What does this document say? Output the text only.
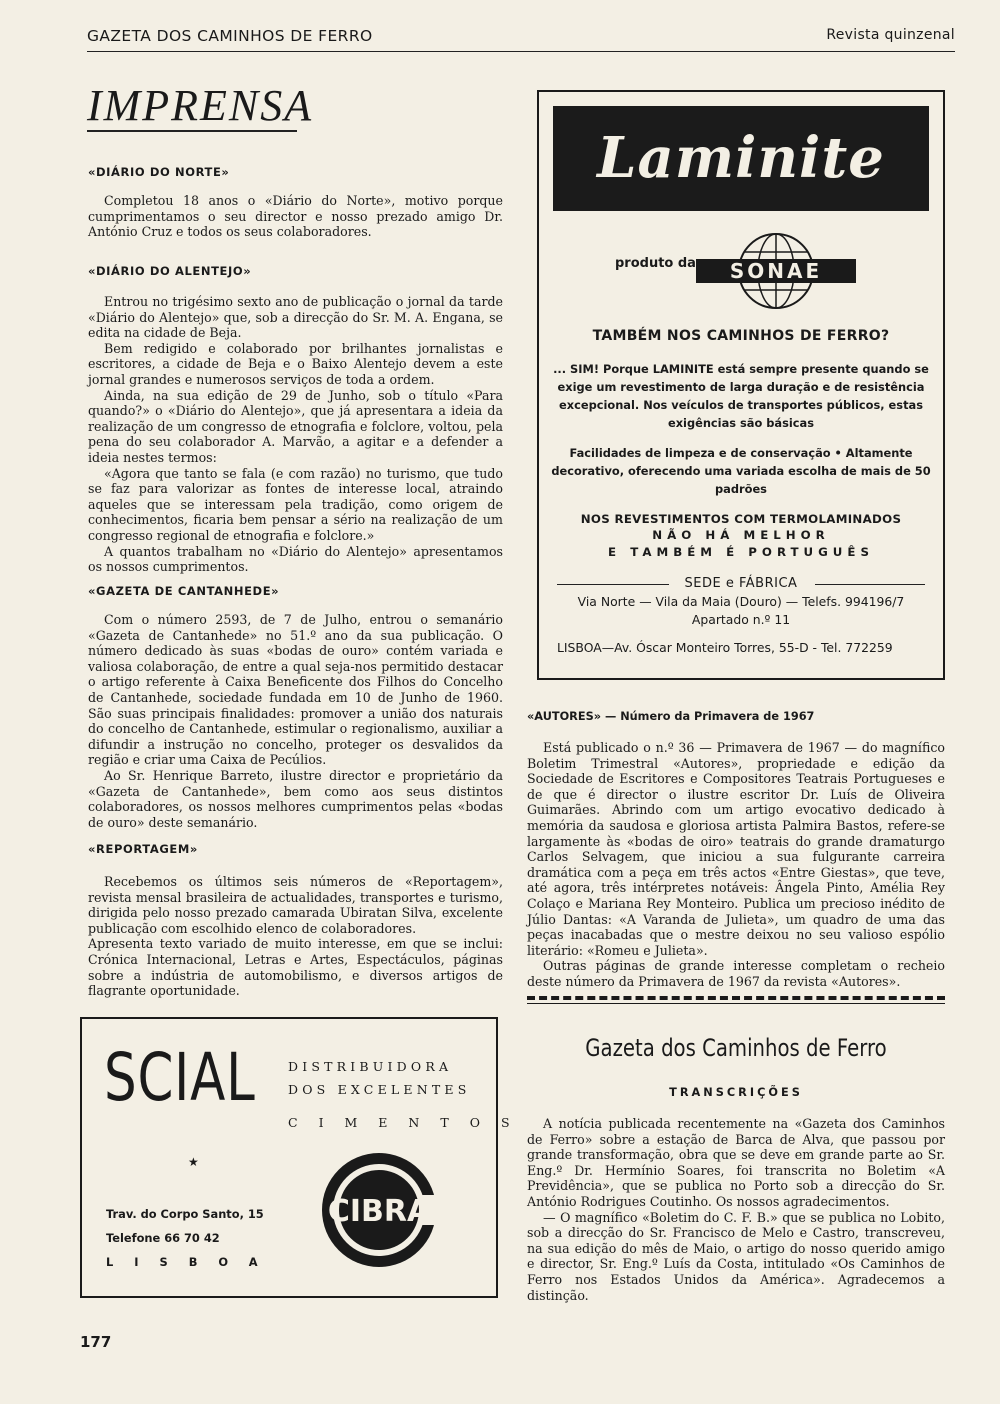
GAZETA DOS CAMINHOS DE FERRO	Revista quinzenal
IMPRENSA
«DIÁRIO DO NORTE»

Completou 18 anos o «Diário do Norte», motivo porque cumprimentamos o seu director e nosso prezado amigo Dr. António Cruz e todos os seus colaboradores.

«DIÁRIO DO ALENTEJO»

Entrou no trigésimo sexto ano de publicação o jornal da tarde «Diário do Alentejo» que, sob a direcção do Sr. M. A. Engana, se edita na cidade de Beja.

Bem redigido e colaborado por brilhantes jornalistas e escritores, a cidade de Beja e o Baixo Alentejo devem a este jornal grandes e numerosos serviços de toda a ordem.

Ainda, na sua edição de 29 de Junho, sob o título «Para quando?» o «Diário do Alentejo», que já apresentara a ideia da realização de um congresso de etnografia e folclore, voltou, pela pena do seu colaborador A. Marvão, a agitar e a defender a ideia nestes termos:

«Agora que tanto se fala (e com razão) no turismo, que tudo se faz para valorizar as fontes de interesse local, atraindo aqueles que se interessam pela tradição, como origem de conhecimentos, ficaria bem pensar a sério na realização de um congresso regional de etnografia e folclore.»

A quantos trabalham no «Diário do Alentejo» apresentamos os nossos cumprimentos.

«GAZETA DE CANTANHEDE»

Com o número 2593, de 7 de Julho, entrou o semanário «Gazeta de Cantanhede» no 51.º ano da sua publicação. O número dedicado às suas «bodas de ouro» contém variada e valiosa colaboração, de entre a qual seja-nos permitido destacar o artigo referente à Caixa Beneficente dos Filhos do Concelho de Cantanhede, sociedade fundada em 10 de Junho de 1960. São suas principais finalidades: promover a união dos naturais do concelho de Cantanhede, estimular o regionalismo, auxiliar a difundir a instrução no concelho, proteger os desvalidos da região e criar uma Caixa de Pecúlios.

Ao Sr. Henrique Barreto, ilustre director e proprietário da «Gazeta de Cantanhede», bem como aos seus distintos colaboradores, os nossos melhores cumprimentos pelas «bodas de ouro» deste semanário.

«REPORTAGEM»

Recebemos os últimos seis números de «Reportagem», revista mensal brasileira de actualidades, transportes e turismo, dirigida pelo nosso prezado camarada Ubiratan Silva, excelente publicação com escolhido elenco de colaboradores.

Apresenta texto variado de muito interesse, em que se inclui: Crónica Internacional, Letras e Artes, Espectáculos, páginas sobre a indústria de automobilismo, e diversos artigos de flagrante oportunidade.

Laminite
produto da SONAE
TAMBÉM NOS CAMINHOS DE FERRO?
... SIM! Porque LAMINITE está sempre presente quando se exige um revestimento de larga duração e de resistência excepcional. Nos veículos de transportes públicos, estas exigências são básicas
Facilidades de limpeza e de conservação • Altamente decorativo, oferecendo uma variada escolha de mais de 50 padrões
NOS REVESTIMENTOS COM TERMOLAMINADOS
NÃO HÁ MELHOR
E TAMBÉM É PORTUGUÊS
SEDE e FÁBRICA
Via Norte — Vila da Maia (Douro) — Telefs. 994196/7
Apartado n.º 11
LISBOA—Av. Óscar Monteiro Torres, 55-D - Tel. 772259
«AUTORES» — Número da Primavera de 1967

Está publicado o n.º 36 — Primavera de 1967 — do magnífico Boletim Trimestral «Autores», propriedade e edição da Sociedade de Escritores e Compositores Teatrais Portugueses e de que é director o ilustre escritor Dr. Luís de Oliveira Guimarães. Abrindo com um artigo evocativo dedicado à memória da saudosa e gloriosa artista Palmira Bastos, refere-se largamente às «bodas de oiro» teatrais do grande dramaturgo Carlos Selvagem, que iniciou a sua fulgurante carreira dramática com a peça em três actos «Entre Giestas», que teve, até agora, três intérpretes notáveis: Ângela Pinto, Amélia Rey Colaço e Mariana Rey Monteiro. Publica um precioso inédito de Júlio Dantas: «A Varanda de Julieta», um quadro de uma das peças inacabadas que o mestre deixou no seu valioso espólio literário: «Romeu e Julieta».

Outras páginas de grande interesse completam o recheio deste número da Primavera de 1967 da revista «Autores».

Gazeta dos Caminhos de Ferro
TRANSCRIÇÕES

A notícia publicada recentemente na «Gazeta dos Caminhos de Ferro» sobre a estação de Barca de Alva, que passou por grande transformação, obra que se deve em grande parte ao Sr. Eng.º Dr. Hermínio Soares, foi transcrita no Boletim «A Previdência», que se publica no Porto sob a direcção do Sr. António Rodrigues Coutinho. Os nossos agradecimentos.

— O magnífico «Boletim do C. F. B.» que se publica no Lobito, sob a direcção do Sr. Francisco de Melo e Castro, transcreveu, na sua edição do mês de Maio, o artigo do nosso querido amigo e director, Sr. Eng.º Luís da Costa, intitulado «Os Caminhos de Ferro nos Estados Unidos da América». Agradecemos a distinção.

SCIAL	DISTRIBUIDORA
DOS EXCELENTES
CIMENTOS
★
Trav. do Corpo Santo, 15
Telefone 66 70 42
LISBOA
CIBRA
177
